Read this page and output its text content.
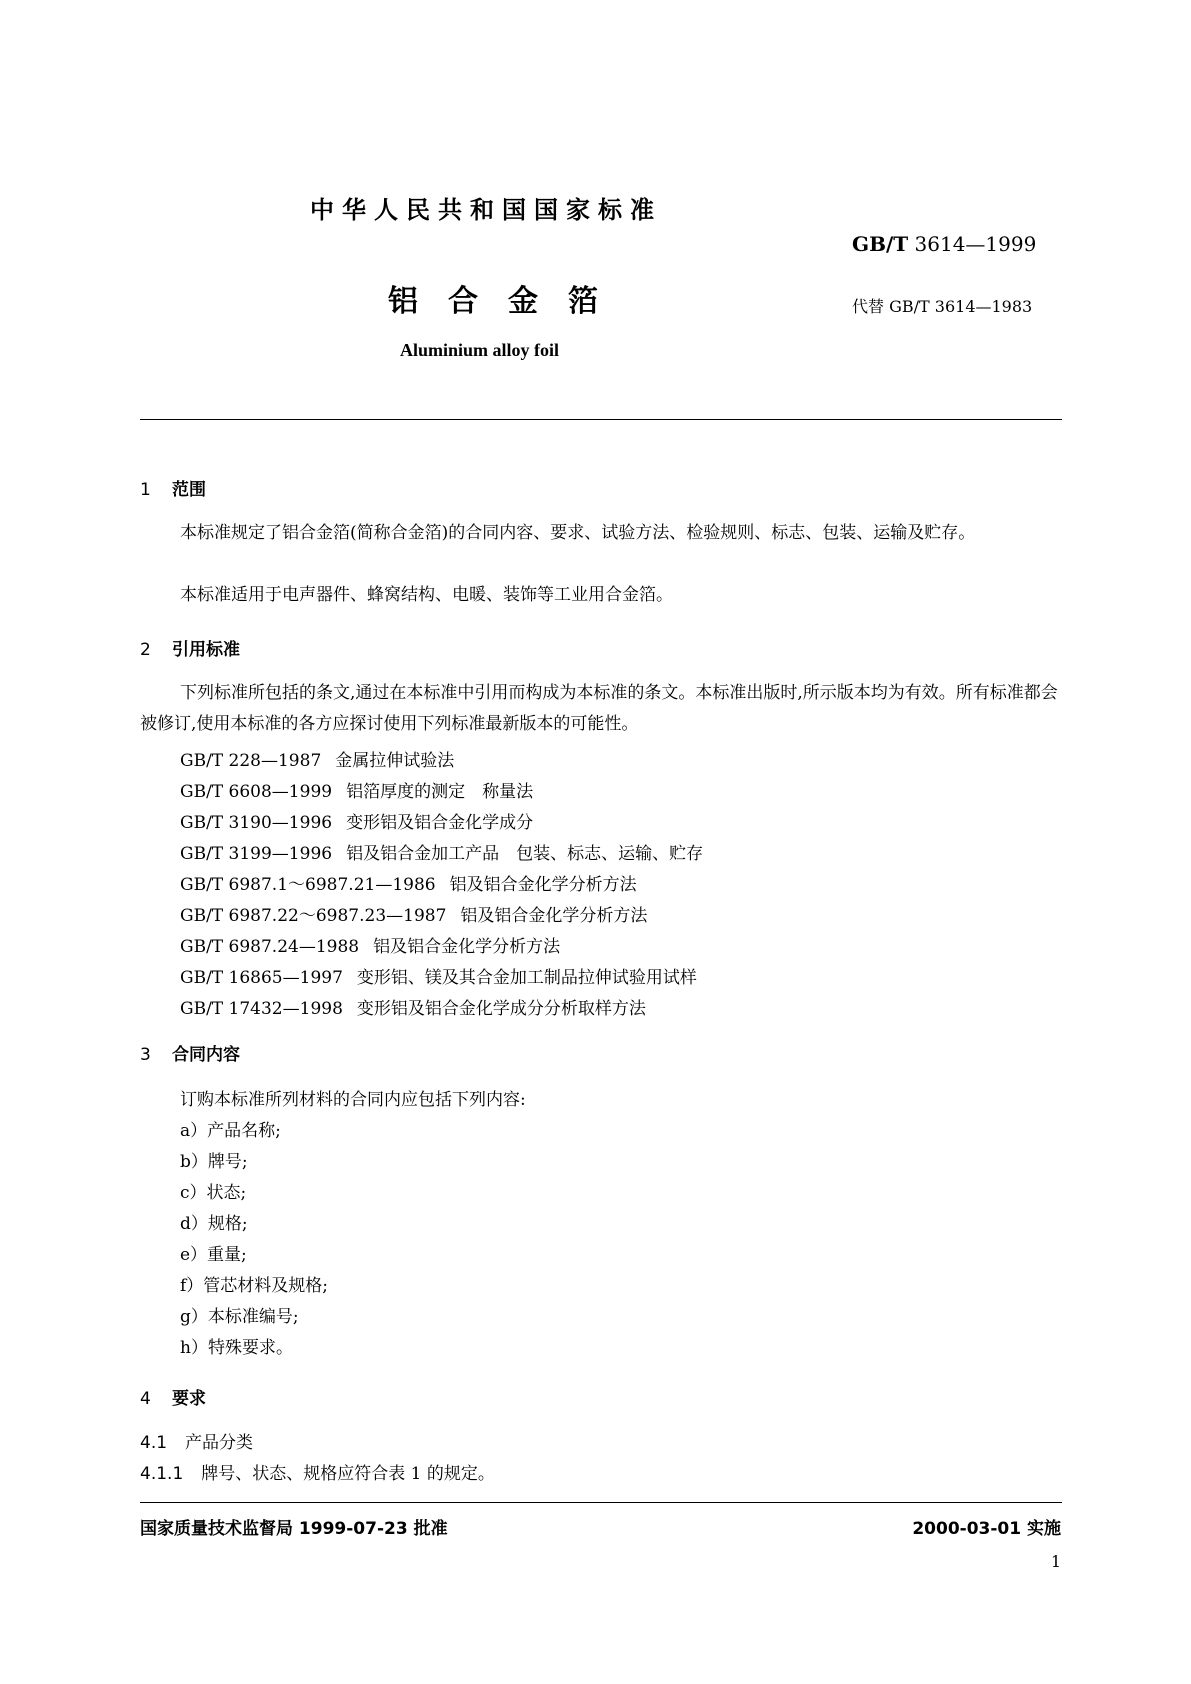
中华人民共和国国家标准
GB/T 3614—1999
铝合金箔	代替 GB/T 3614—1983
Aluminium alloy foil
1 范围
本标准规定了铝合金箔(简称合金箔)的合同内容、要求、试验方法、检验规则、标志、包装、运输及贮存。
本标准适用于电声器件、蜂窝结构、电暖、装饰等工业用合金箔。
2 引用标准
下列标准所包括的条文,通过在本标准中引用而构成为本标准的条文。本标准出版时,所示版本均为有效。所有标准都会被修订,使用本标准的各方应探讨使用下列标准最新版本的可能性。
GB/T 228—1987 金属拉伸试验法
GB/T 6608—1999 铝箔厚度的测定　称量法
GB/T 3190—1996 变形铝及铝合金化学成分
GB/T 3199—1996 铝及铝合金加工产品　包装、标志、运输、贮存
GB/T 6987.1～6987.21—1986 铝及铝合金化学分析方法
GB/T 6987.22～6987.23—1987 铝及铝合金化学分析方法
GB/T 6987.24—1988 铝及铝合金化学分析方法
GB/T 16865—1997 变形铝、镁及其合金加工制品拉伸试验用试样
GB/T 17432—1998 变形铝及铝合金化学成分分析取样方法
3 合同内容
订购本标准所列材料的合同内应包括下列内容:
a）产品名称;
b）牌号;
c）状态;
d）规格;
e）重量;
f）管芯材料及规格;
g）本标准编号;
h）特殊要求。
4 要求
4.1 产品分类
4.1.1 牌号、状态、规格应符合表 1 的规定。
国家质量技术监督局 1999-07-23 批准	2000-03-01 实施
1
